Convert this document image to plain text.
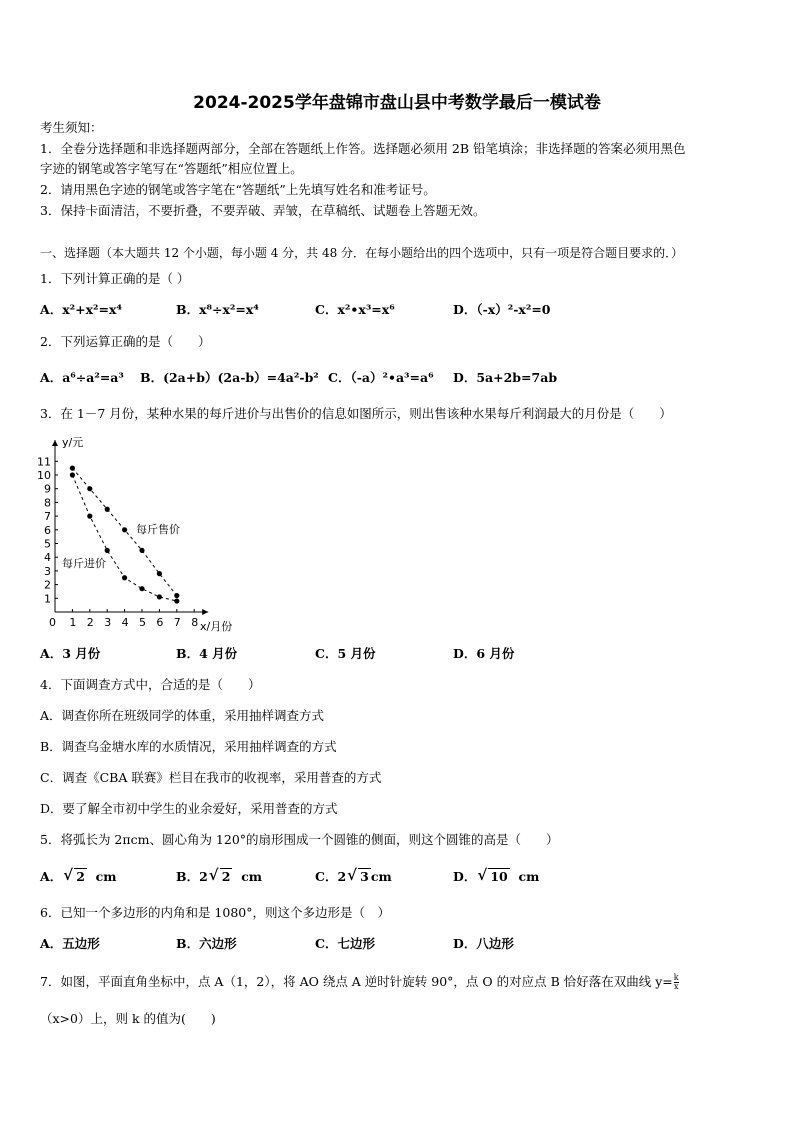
2024-2025学年盘锦市盘山县中考数学最后一模试卷
考生须知：
1．全卷分选择题和非选择题两部分，全部在答题纸上作答。选择题必须用 2B 铅笔填涂；非选择题的答案必须用黑色
字迹的钢笔或答字笔写在“答题纸”相应位置上。
2．请用黑色字迹的钢笔或答字笔在“答题纸”上先填写姓名和准考证号。
3．保持卡面清洁，不要折叠，不要弄破、弄皱，在草稿纸、试题卷上答题无效。
一、选择题（本大题共 12 个小题，每小题 4 分，共 48 分．在每小题给出的四个选项中，只有一项是符合题目要求的．）
1．下列计算正确的是（ ）
A．x²+x²=x⁴	B．x⁸÷x²=x⁴	C．x²•x³=x⁶	D．（-x）²-x²=0
2．下列运算正确的是（　　）
A．a⁶÷a²=a³ B．(2a+b）(2a-b）=4a²-b² C．（-a）²•a³=a⁶ D．5a+2b=7ab
3．在 1－7 月份，某种水果的每斤进价与出售价的信息如图所示，则出售该种水果每斤利润最大的月份是（　　）
0 1 2 3 4 5 6 7 8
1
2
3
4
5
6
7
8
9
10
11
y/元
x/月份
每斤售价
每斤进价
A．3 月份	B．4 月份	C．5 月份	D．6 月份
4．下面调查方式中，合适的是（　　）
A．调查你所在班级同学的体重，采用抽样调查方式
B．调查乌金塘水库的水质情况，采用抽样调查的方式
C．调查《CBA 联赛》栏目在我市的收视率，采用普查的方式
D．要了解全市初中学生的业余爱好，采用普查的方式
5．将弧长为 2πcm、圆心角为 120°的扇形围成一个圆锥的侧面，则这个圆锥的高是（　　）
A． √ 2 cm	B．2 √ 2 cm	C．2 √ 3 cm	D． √ 10 cm
6．已知一个多边形的内角和是 1080°，则这个多边形是（　）
A．五边形	B．六边形	C．七边形	D．八边形
7．如图，平面直角坐标中，点 A（1，2），将 AO 绕点 A 逆时针旋转 90°，点 O 的对应点 B 恰好落在双曲线 $y= \frac{k}{x}$
（x>0）上，则 k 的值为(　　)
